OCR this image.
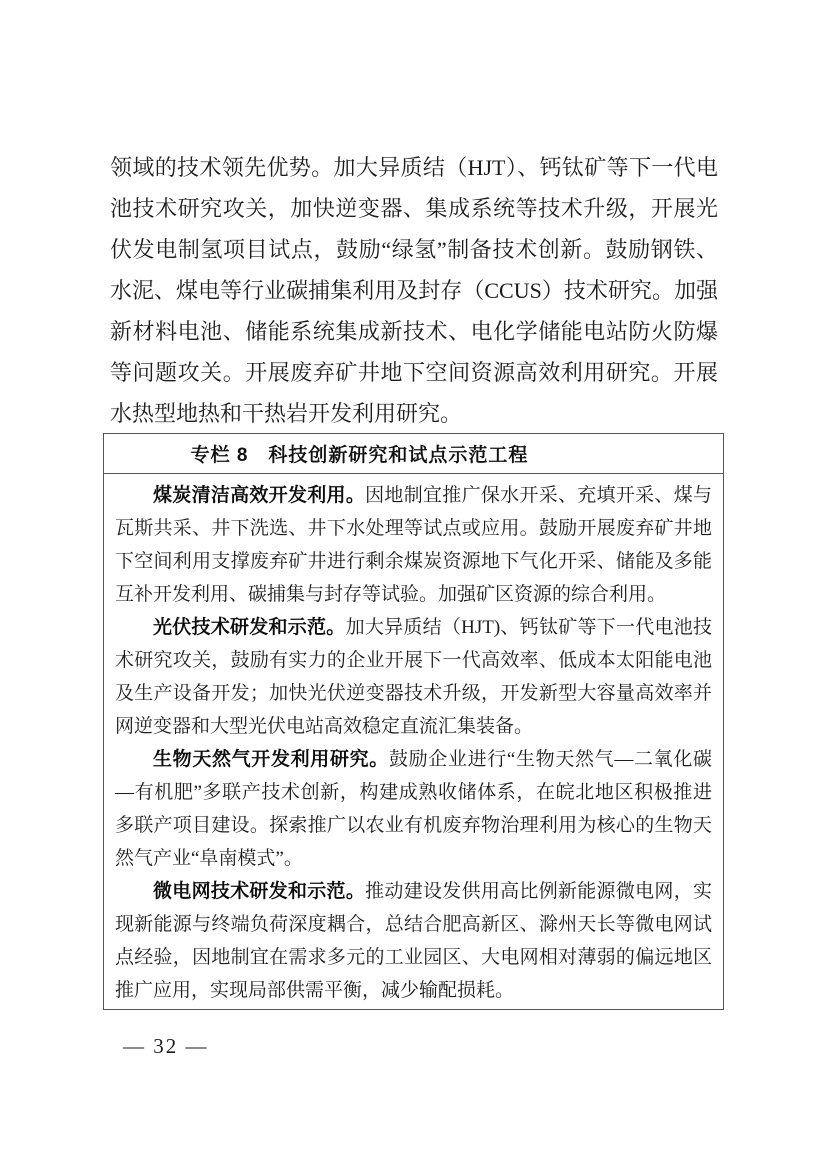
领域的技术领先优势。加大异质结（HJT）、钙钛矿等下一代电池技术研究攻关，加快逆变器、集成系统等技术升级，开展光伏发电制氢项目试点，鼓励“绿氢”制备技术创新。鼓励钢铁、水泥、煤电等行业碳捕集利用及封存（CCUS）技术研究。加强新材料电池、储能系统集成新技术、电化学储能电站防火防爆等问题攻关。开展废弃矿井地下空间资源高效利用研究。开展水热型地热和干热岩开发利用研究。
专栏 8　科技创新研究和试点示范工程

煤炭清洁高效开发利用。因地制宜推广保水开采、充填开采、煤与瓦斯共采、井下洗选、井下水处理等试点或应用。鼓励开展废弃矿井地下空间利用支撑废弃矿井进行剩余煤炭资源地下气化开采、储能及多能互补开发利用、碳捕集与封存等试验。加强矿区资源的综合利用。

光伏技术研发和示范。加大异质结（HJT)、钙钛矿等下一代电池技术研究攻关，鼓励有实力的企业开展下一代高效率、低成本太阳能电池及生产设备开发；加快光伏逆变器技术升级，开发新型大容量高效率并网逆变器和大型光伏电站高效稳定直流汇集装备。

生物天然气开发利用研究。鼓励企业进行“生物天然气—二氧化碳—有机肥”多联产技术创新，构建成熟收储体系，在皖北地区积极推进多联产项目建设。探索推广以农业有机废弃物治理利用为核心的生物天然气产业“阜南模式”。

微电网技术研发和示范。推动建设发供用高比例新能源微电网，实现新能源与终端负荷深度耦合，总结合肥高新区、滁州天长等微电网试点经验，因地制宜在需求多元的工业园区、大电网相对薄弱的偏远地区推广应用，实现局部供需平衡，减少输配损耗。

— 32 —
